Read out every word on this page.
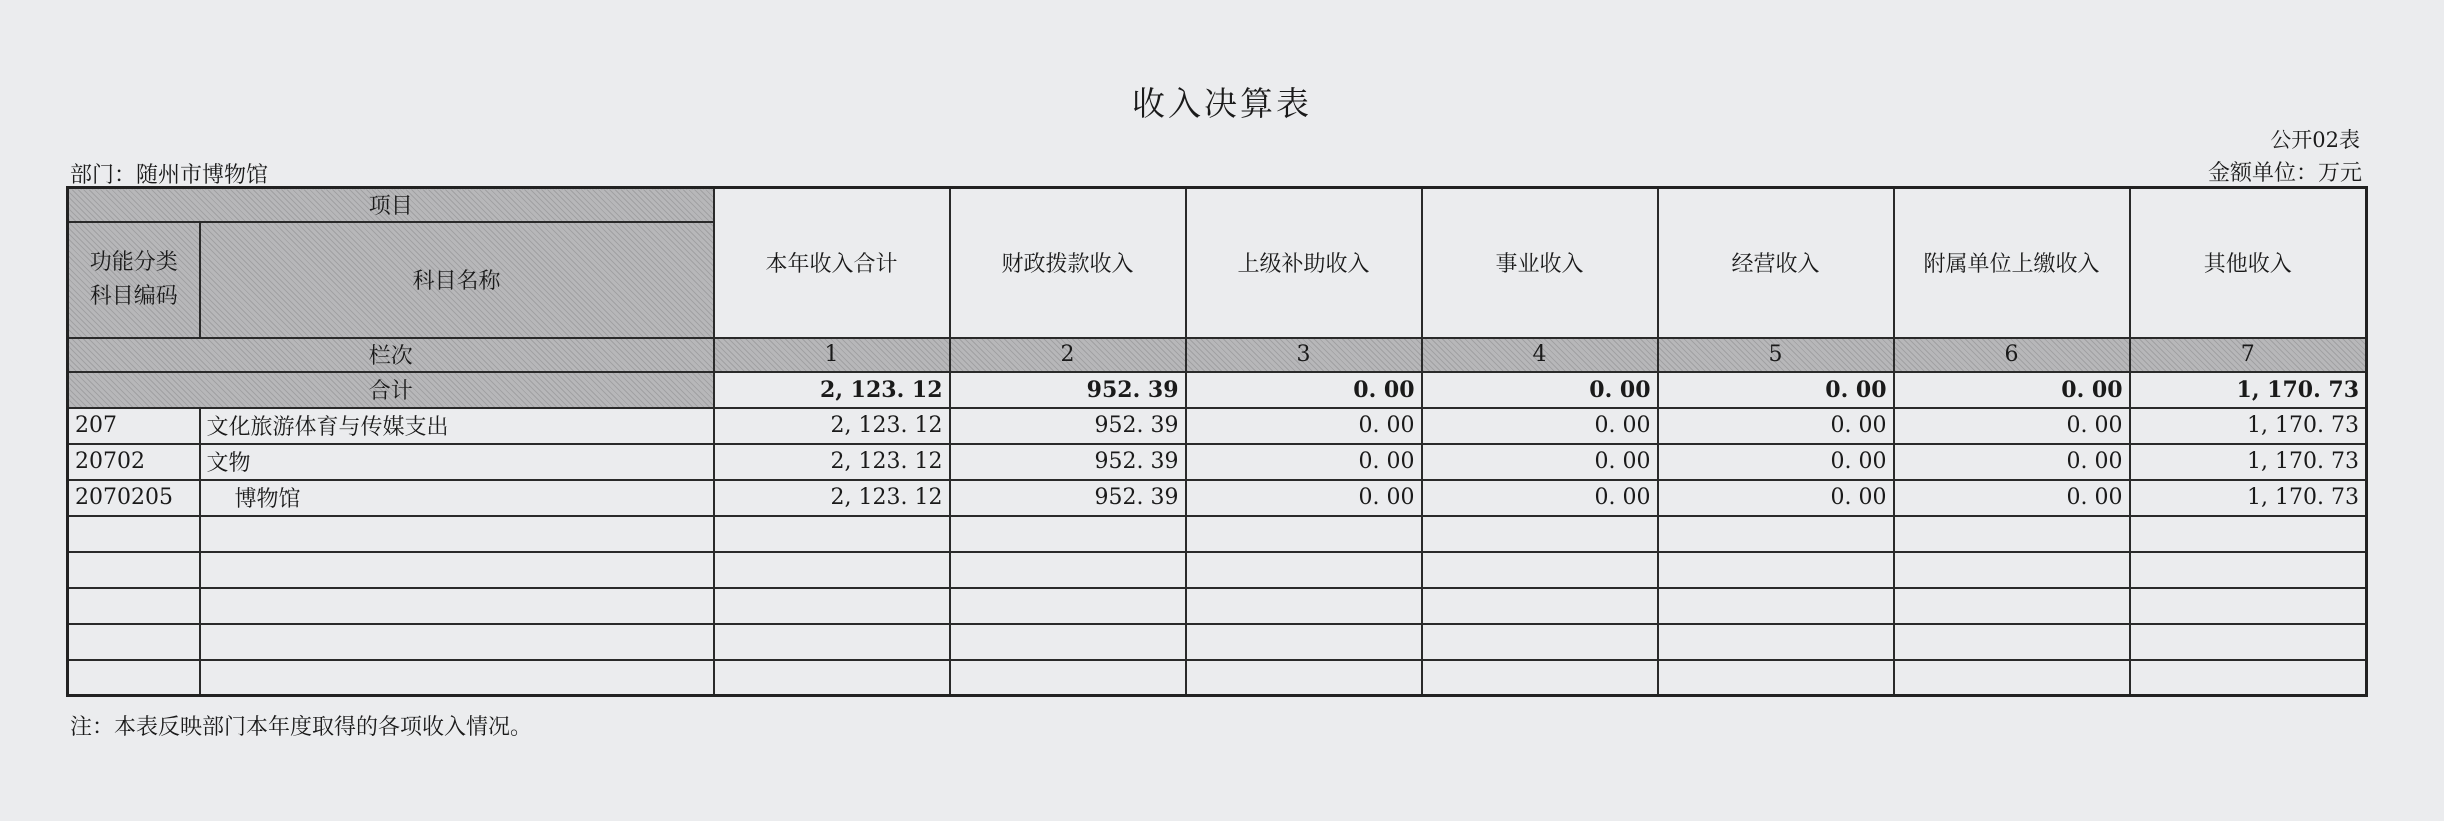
收入决算表
公开02表
部门：随州市博物馆	金额单位：万元
项目		本年收入合计	财政拨款收入	上级补助收入	事业收入	经营收入	附属单位上缴收入	其他收入

功能分类
科目编码	科目名称							
栏次		1	2	3	4	5	6	7
合计		2, 123. 12	952. 39	0. 00	0. 00	0. 00	0. 00	1, 170. 73
207	文化旅游体育与传媒支出	2, 123. 12	952. 39	0. 00	0. 00	0. 00	0. 00	1, 170. 73
20702	文物	2, 123. 12	952. 39	0. 00	0. 00	0. 00	0. 00	1, 170. 73
2070205	博物馆	2, 123. 12	952. 39	0. 00	0. 00	0. 00	0. 00	1, 170. 73

注：本表反映部门本年度取得的各项收入情况。
